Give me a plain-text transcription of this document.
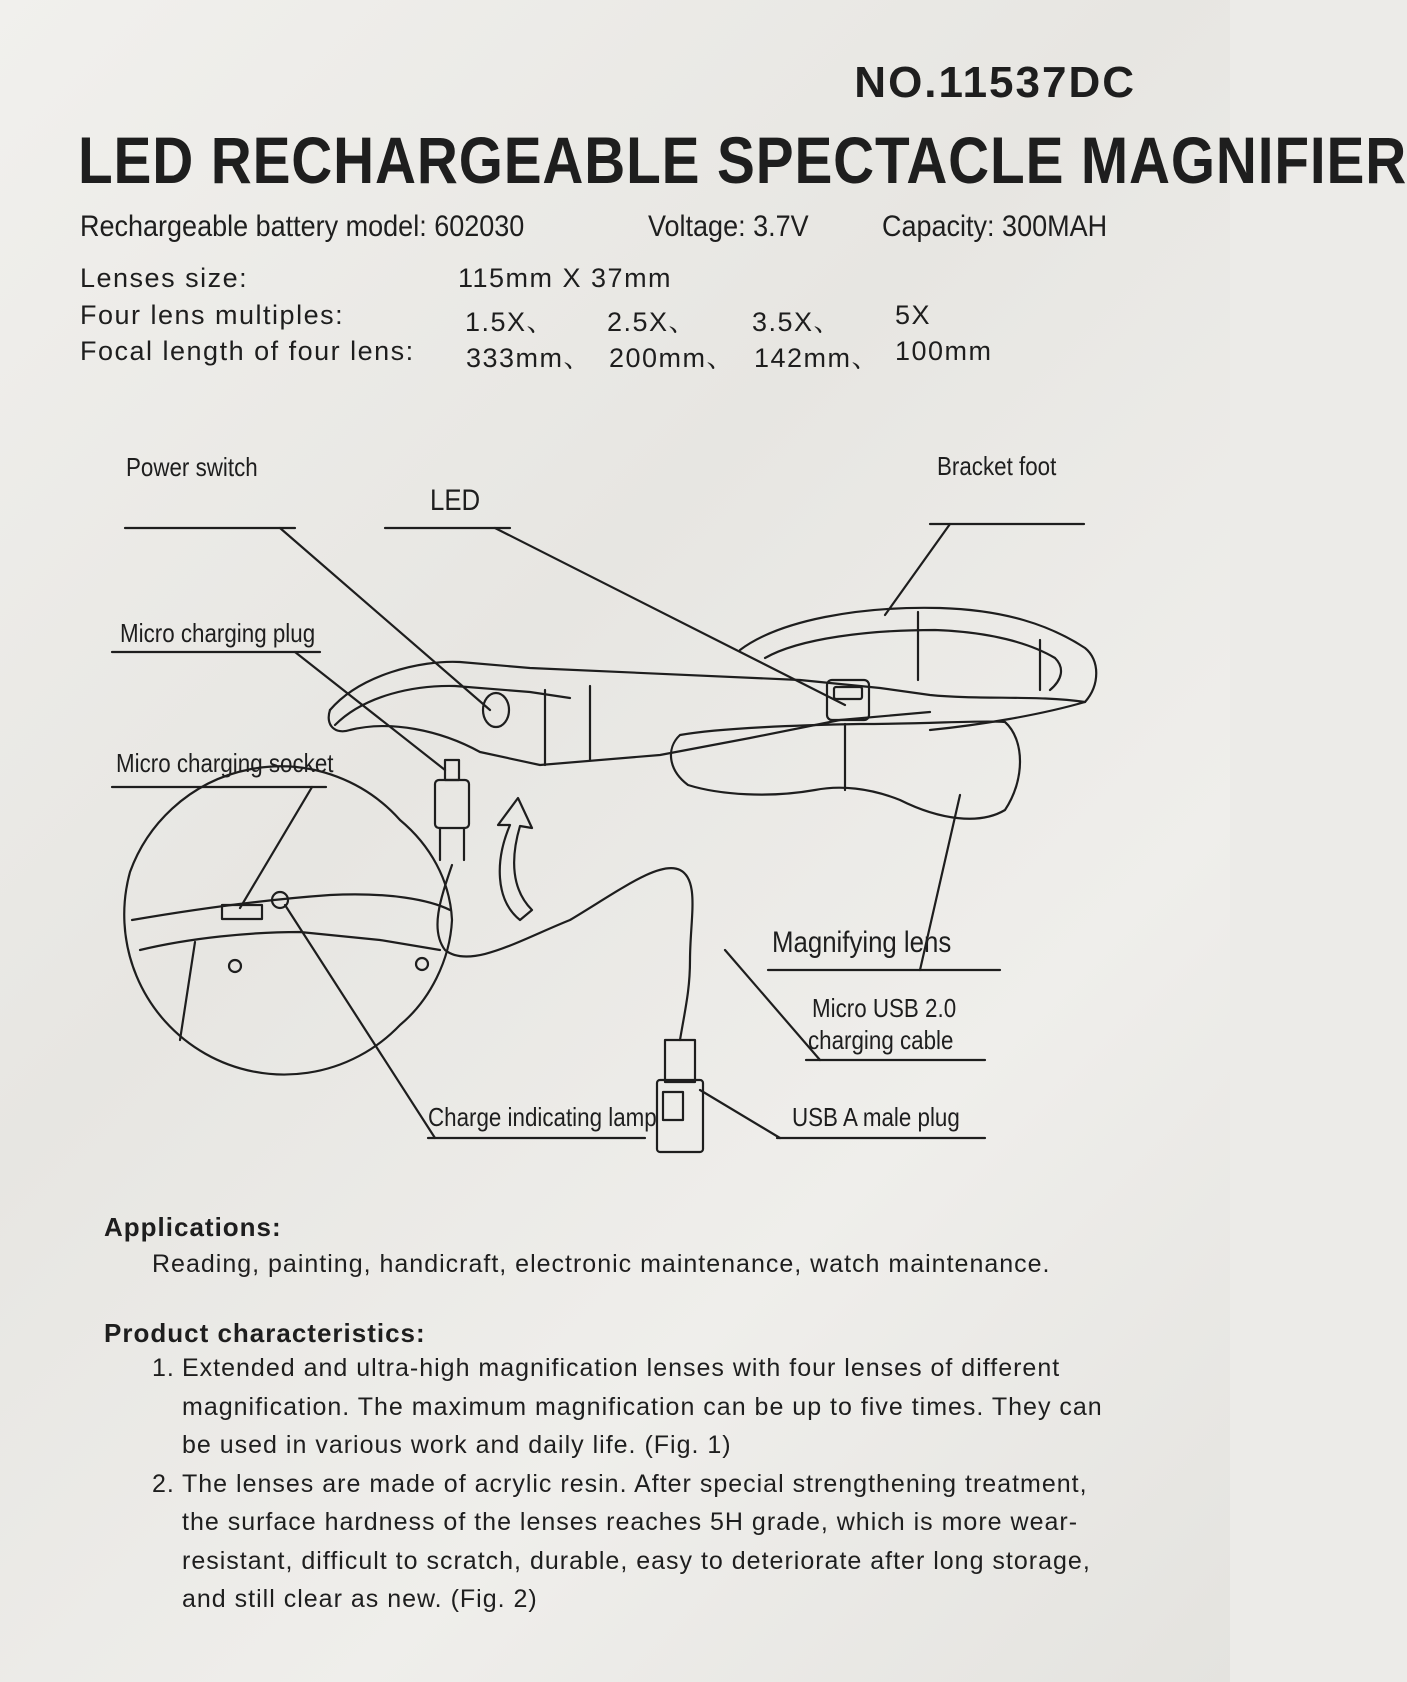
NO.11537DC
LED RECHARGEABLE SPECTACLE MAGNIFIER
Rechargeable battery model: 602030	Voltage: 3.7V Capacity: 300MAH
Lenses size:	115mm X 37mm
Four lens multiples:	1.5X、 2.5X、 3.5X、 5X
Focal length of four lens: 333mm、 200mm、 142mm、 100mm
Power switch
LED
Bracket foot
Micro charging plug
Micro charging socket
Magnifying lens
Micro USB 2.0
charging cable
Charge indicating lamp	USB A male plug
Applications:
Reading, painting, handicraft, electronic maintenance, watch maintenance.
Product characteristics:
1. Extended and ultra-high magnification lenses with four lenses of different magnification. The maximum magnification can be up to five times. They can be used in various work and daily life. (Fig. 1)
2. The lenses are made of acrylic resin. After special strengthening treatment, the surface hardness of the lenses reaches 5H grade, which is more wear-resistant, difficult to scratch, durable, easy to deteriorate after long storage, and still clear as new. (Fig. 2)
